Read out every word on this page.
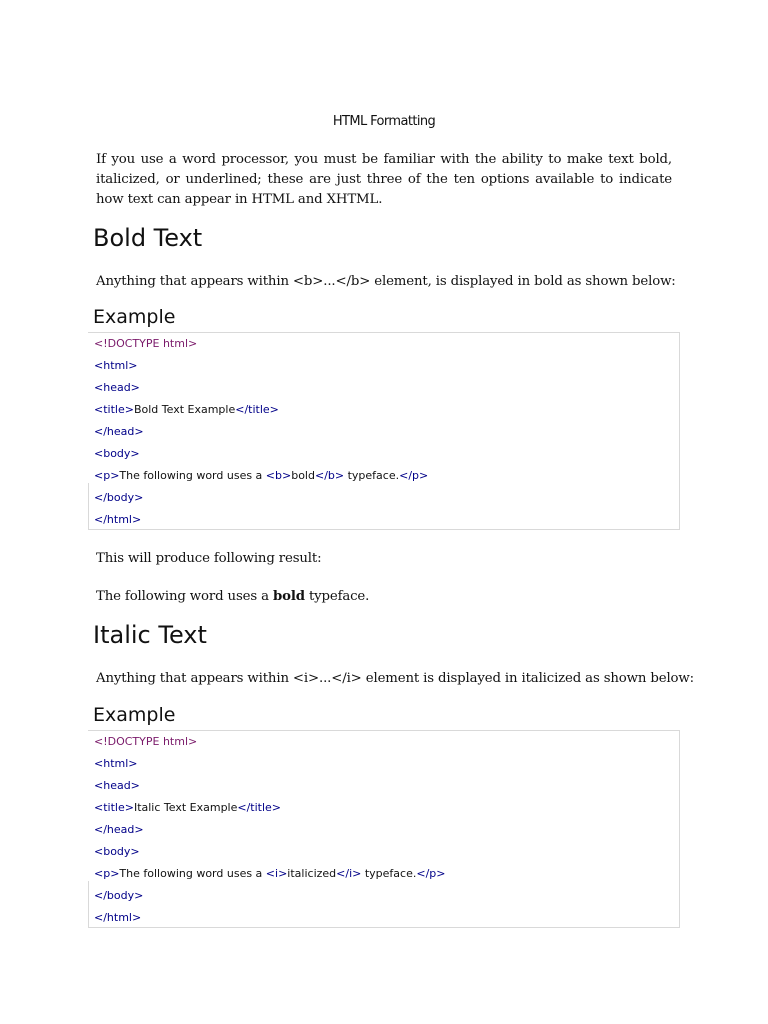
HTML Formatting

If you use a word processor, you must be familiar with the ability to make text bold, italicized, or underlined; these are just three of the ten options available to indicate how text can appear in HTML and XHTML.

Bold Text

Anything that appears within <b>...</b> element, is displayed in bold as shown below:

Example
<!DOCTYPE html>
<html>
<head>
<title>Bold Text Example</title>
</head>
<body>
<p>The following word uses a <b>bold</b> typeface.</p>
</body>
</html>

This will produce following result:

The following word uses a bold typeface.

Italic Text

Anything that appears within <i>...</i> element is displayed in italicized as shown below:

Example
<!DOCTYPE html>
<html>
<head>
<title>Italic Text Example</title>
</head>
<body>
<p>The following word uses a <i>italicized</i> typeface.</p>
</body>
</html>
